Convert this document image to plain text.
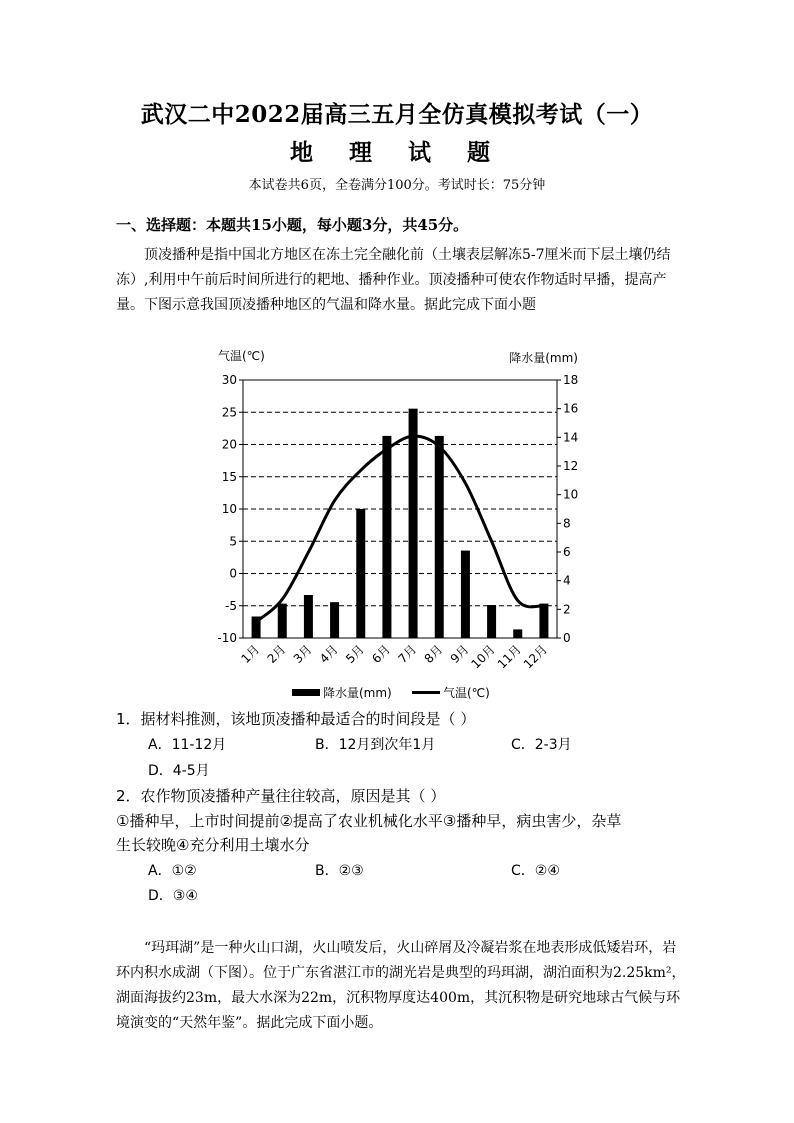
武汉二中2022届高三五月全仿真模拟考试（一）
地 理 试 题
本试卷共6页，全卷满分100分。考试时长：75分钟
一、选择题：本题共15小题，每小题3分，共45分。
顶凌播种是指中国北方地区在冻土完全融化前（土壤表层解冻5-7厘米而下层土壤仍结冻）,利用中午前后时间所进行的耙地、播种作业。顶凌播种可使农作物适时早播，提高产量。下图示意我国顶凌播种地区的气温和降水量。据此完成下面小题
气温(℃)	降水量(mm)
30
25
20
15
10
5
0
-5
-10
18
16
14
12
10
8
6
4
2
0
1月 2月 3月 4月 5月 6月 7月 8月 9月
10月
11月
12月
降水量(mm)	气温(℃)
1．据材料推测，该地顶凌播种最适合的时间段是（ ）
A．11-12月	B．12月到次年1月	C．2-3月
D．4-5月
2．农作物顶凌播种产量往往较高，原因是其（ ）
①播种早，上市时间提前②提高了农业机械化水平③播种早，病虫害少，杂草
生长较晚④充分利用土壤水分
A．①②	B．②③	C．②④
D．③④
“玛珥湖”是一种火山口湖，火山喷发后，火山碎屑及冷凝岩浆在地表形成低矮岩环，岩环内积水成湖（下图）。位于广东省湛江市的湖光岩是典型的玛珥湖，湖泊面积为2.25km²，湖面海拔约23m，最大水深为22m，沉积物厚度达400m，其沉积物是研究地球古气候与环境演变的“天然年鉴”。据此完成下面小题。
